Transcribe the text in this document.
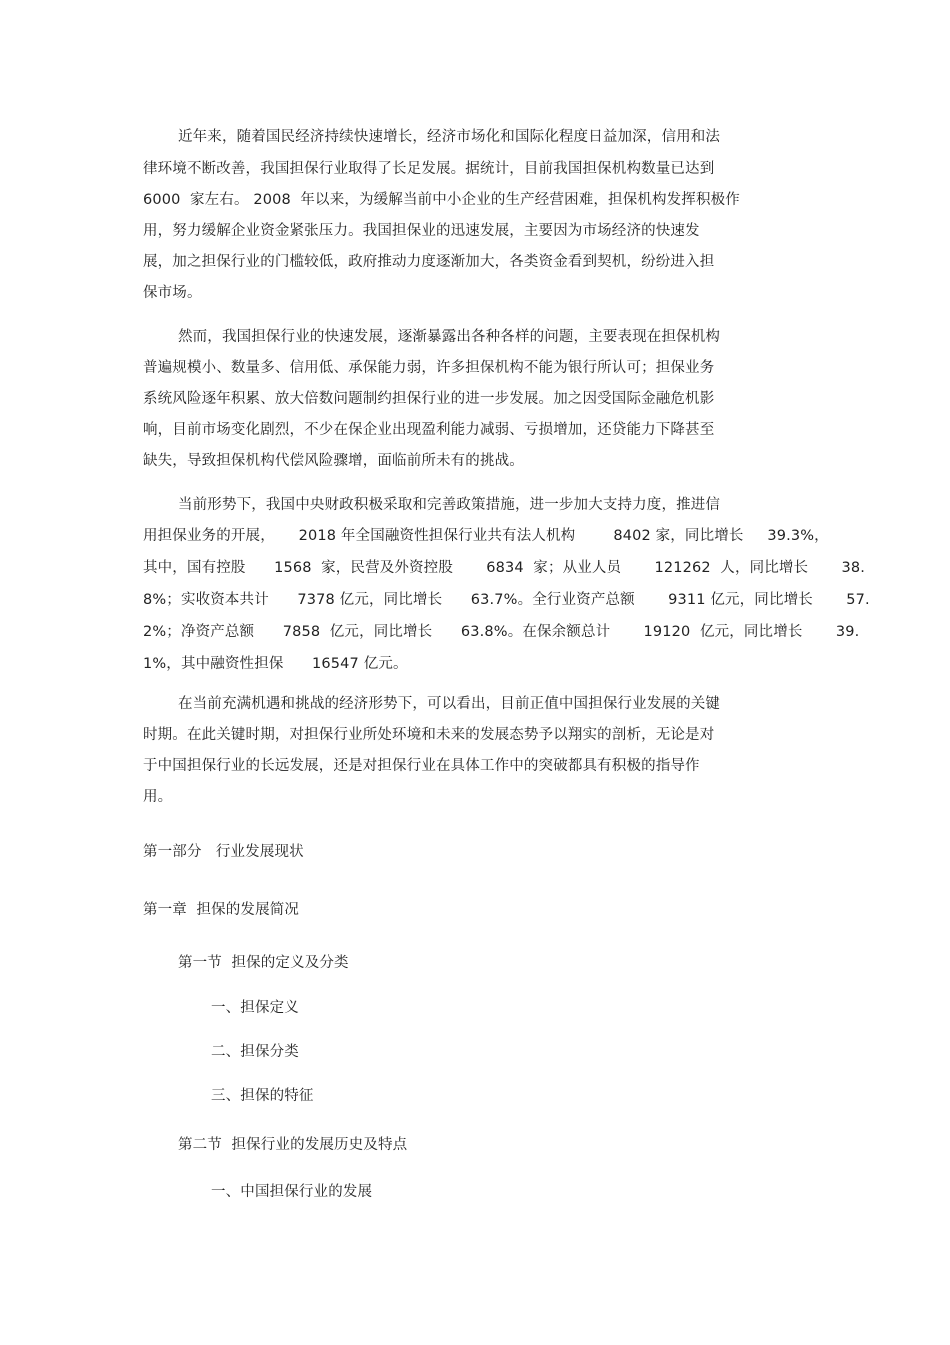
近年来，随着国民经济持续快速增长，经济市场化和国际化程度日益加深，信用和法
律环境不断改善，我国担保行业取得了长足发展。据统计，目前我国担保机构数量已达到
6000  家左右。 2008  年以来，为缓解当前中小企业的生产经营困难，担保机构发挥积极作
用，努力缓解企业资金紧张压力。我国担保业的迅速发展，主要因为市场经济的快速发
展，加之担保行业的门槛较低，政府推动力度逐渐加大，各类资金看到契机，纷纷进入担
保市场。
然而，我国担保行业的快速发展，逐渐暴露出各种各样的问题，主要表现在担保机构
普遍规模小、数量多、信用低、承保能力弱，许多担保机构不能为银行所认可；担保业务
系统风险逐年积累、放大倍数问题制约担保行业的进一步发展。加之因受国际金融危机影
响，目前市场变化剧烈，不少在保企业出现盈利能力减弱、亏损增加，还贷能力下降甚至
缺失，导致担保机构代偿风险骤增，面临前所未有的挑战。
当前形势下，我国中央财政积极采取和完善政策措施，进一步加大支持力度，推进信
用担保业务的开展，     2018 年全国融资性担保行业共有法人机构        8402 家，同比增长     39.3%，
其中，国有控股      1568  家，民营及外资控股       6834  家；从业人员       121262  人，同比增长       38.
8%；实收资本共计      7378 亿元，同比增长      63.7%。全行业资产总额       9311 亿元，同比增长       57.
2%；净资产总额      7858  亿元，同比增长      63.8%。在保余额总计       19120  亿元，同比增长       39.
1%，其中融资性担保      16547 亿元。
在当前充满机遇和挑战的经济形势下，可以看出，目前正值中国担保行业发展的关键
时期。在此关键时期，对担保行业所处环境和未来的发展态势予以翔实的剖析，无论是对
于中国担保行业的长远发展，还是对担保行业在具体工作中的突破都具有积极的指导作
用。
第一部分   行业发展现状
第一章  担保的发展简况
第一节  担保的定义及分类
一、担保定义
二、担保分类
三、担保的特征
第二节  担保行业的发展历史及特点
一、中国担保行业的发展
